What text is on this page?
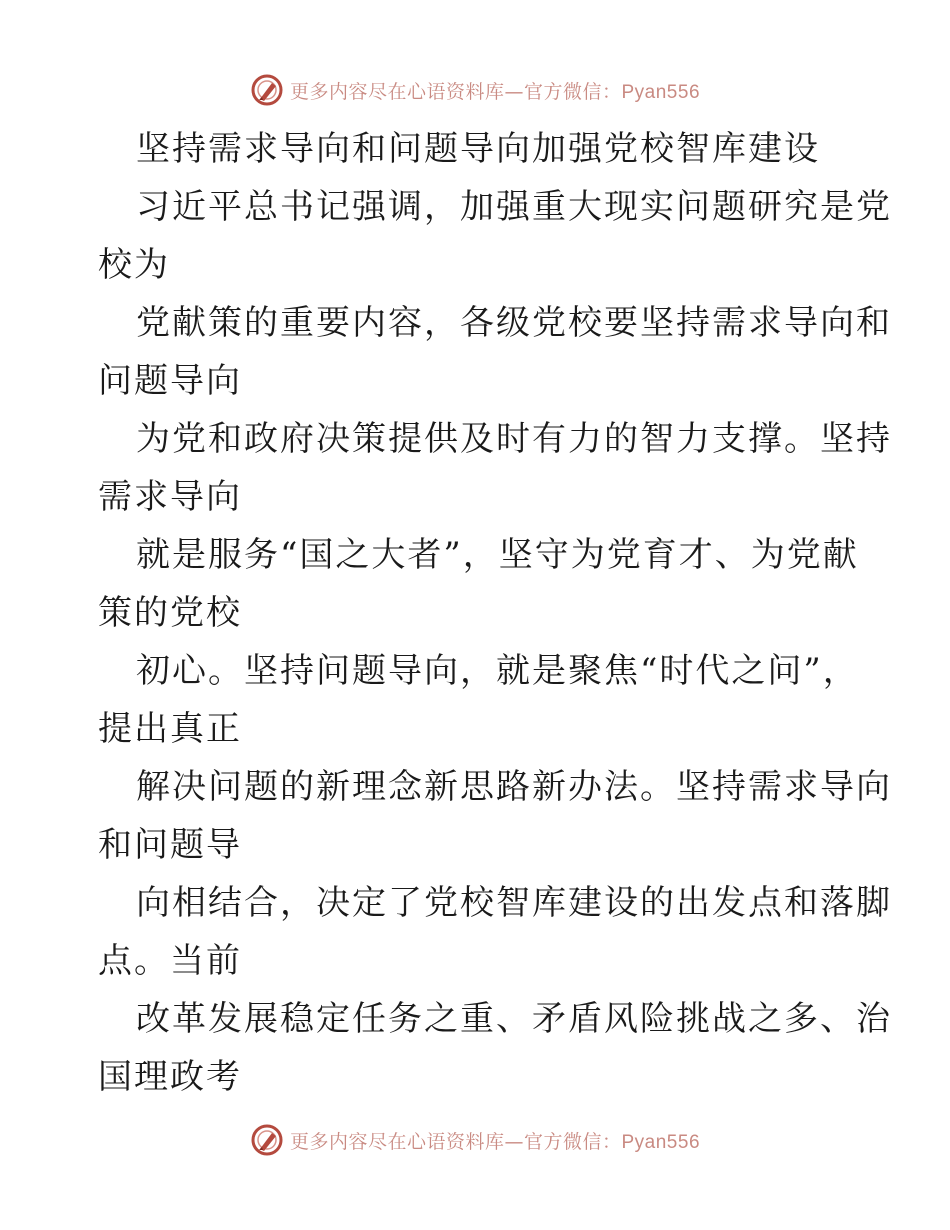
更多内容尽在心语资料库—官方微信：Pyan556
坚持需求导向和问题导向加强党校智库建设
习近平总书记强调，加强重大现实问题研究是党
校为
党献策的重要内容，各级党校要坚持需求导向和
问题导向
为党和政府决策提供及时有力的智力支撑。坚持
需求导向
就是服务“国之大者”，坚守为党育才、为党献
策的党校
初心。坚持问题导向，就是聚焦“时代之问”，
提出真正
解决问题的新理念新思路新办法。坚持需求导向
和问题导
向相结合，决定了党校智库建设的出发点和落脚
点。当前
改革发展稳定任务之重、矛盾风险挑战之多、治
国理政考
更多内容尽在心语资料库—官方微信：Pyan556
